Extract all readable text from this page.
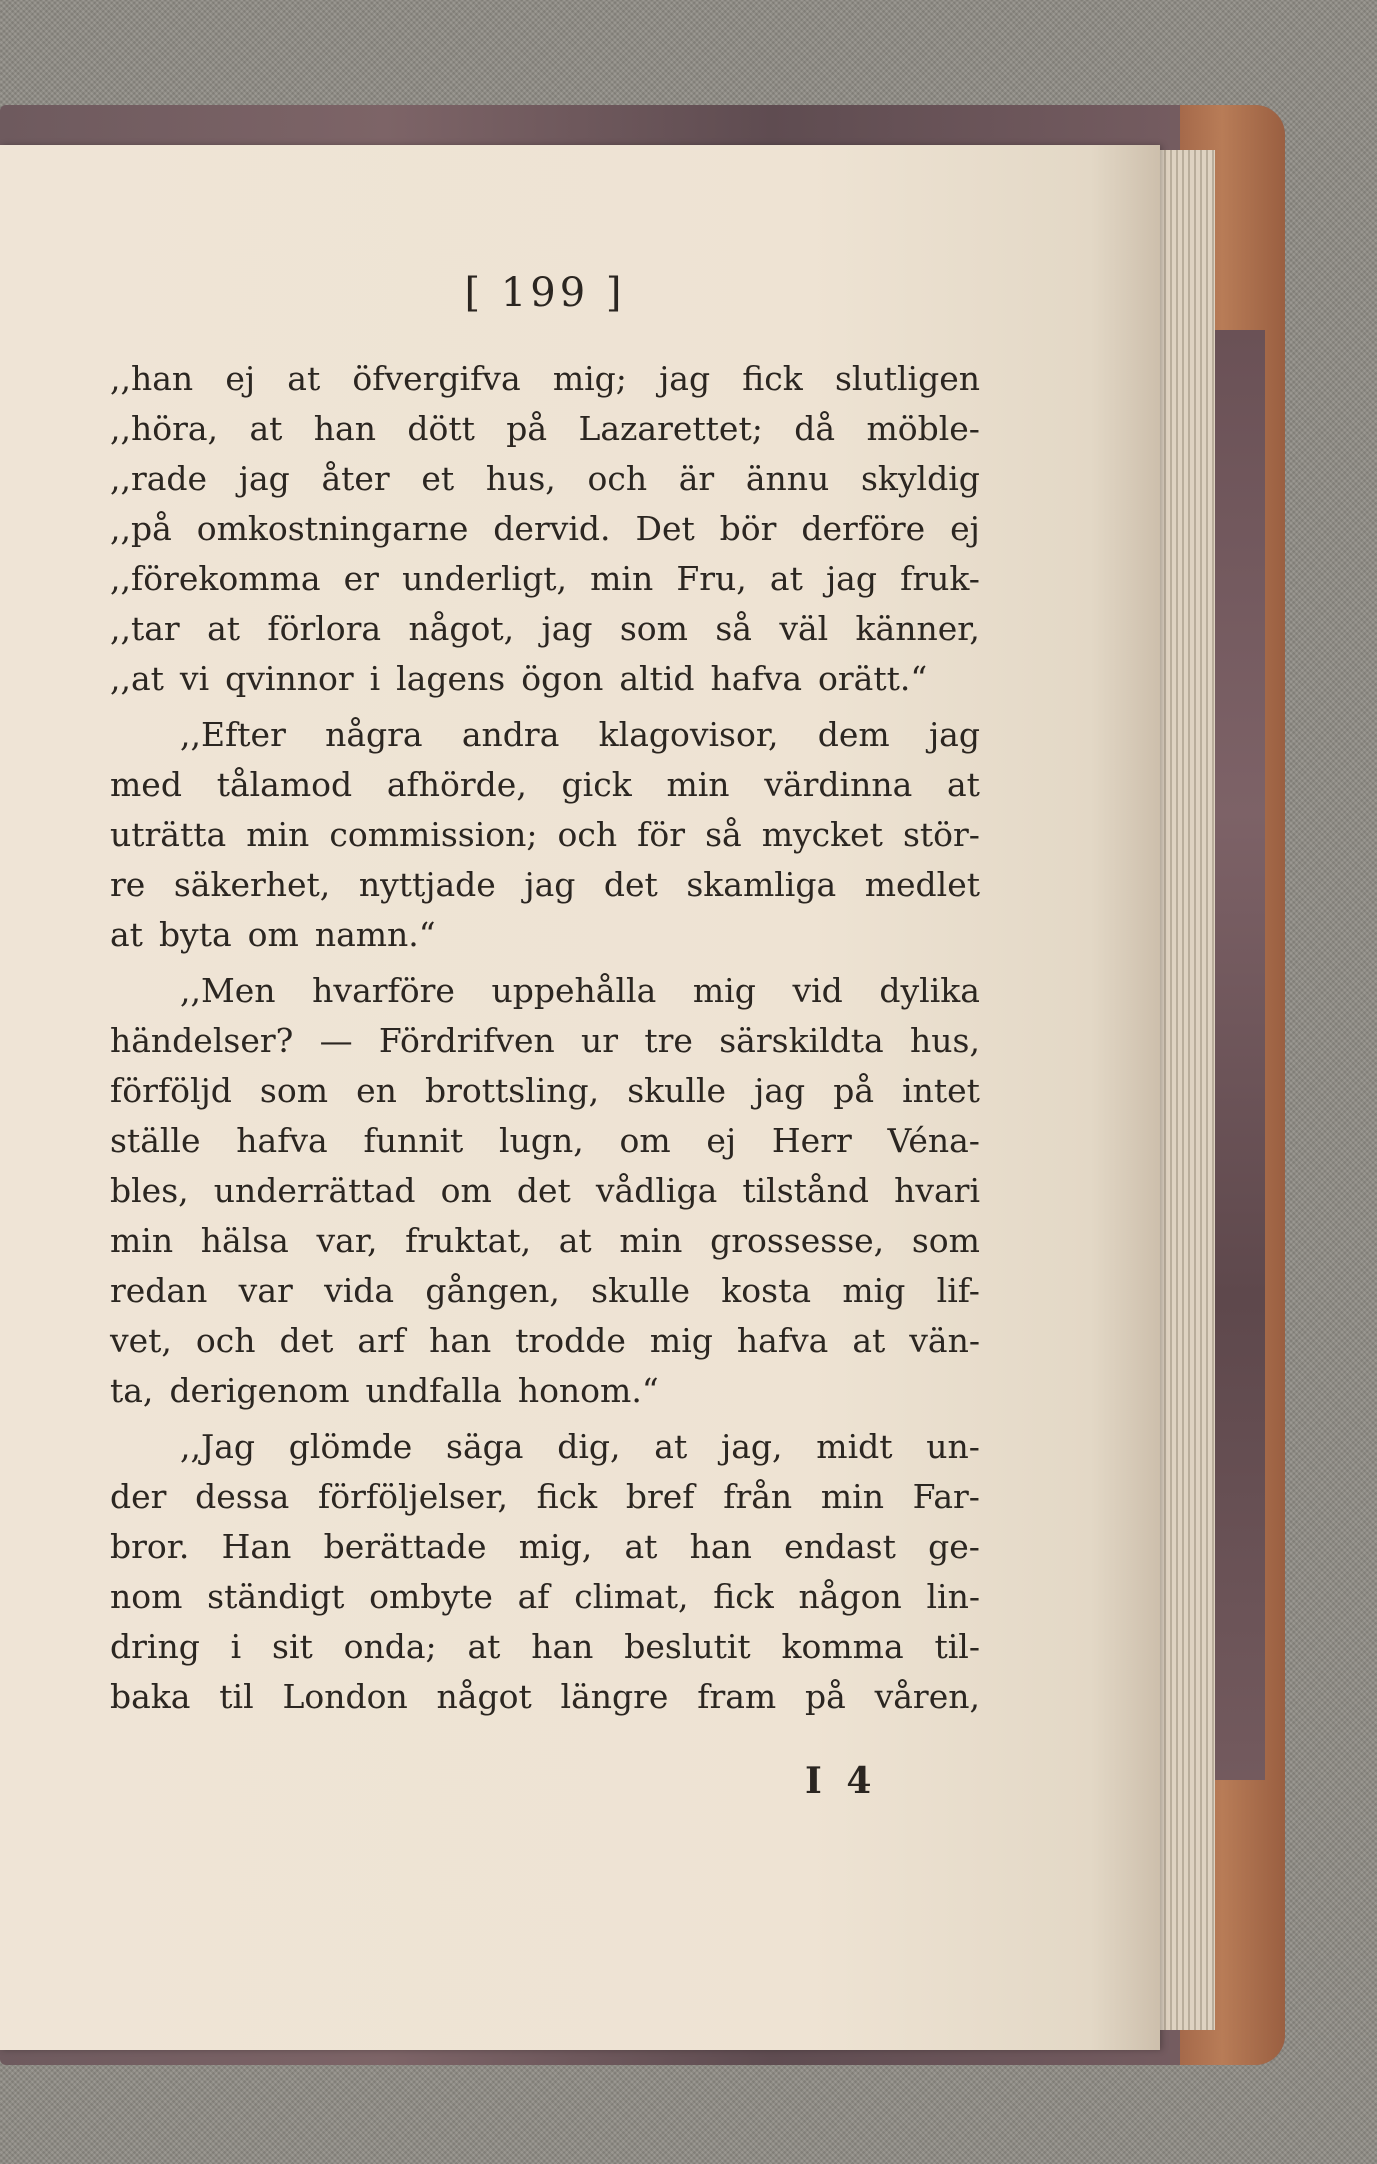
[ 199 ]
,,han ej at öfvergifva mig; jag fick slutligen
,,höra, at han dött på Lazarettet; då möble-
,,rade jag åter et hus, och är ännu skyldig
,,på omkostningarne dervid. Det bör derföre ej
,,förekomma er underligt, min Fru, at jag fruk-
,,tar at förlora något, jag som så väl känner,
,,at vi qvinnor i lagens ögon altid hafva orätt.“
,,Efter några andra klagovisor, dem jag
med tålamod afhörde, gick min värdinna at
uträtta min commission; och för så mycket stör-
re säkerhet, nyttjade jag det skamliga medlet
at byta om namn.“
,,Men hvarföre uppehålla mig vid dylika
händelser? — Fördrifven ur tre särskildta hus,
förföljd som en brottsling, skulle jag på intet
ställe hafva funnit lugn, om ej Herr Véna-
bles, underrättad om det vådliga tilstånd hvari
min hälsa var, fruktat, at min grossesse, som
redan var vida gången, skulle kosta mig lif-
vet, och det arf han trodde mig hafva at vän-
ta, derigenom undfalla honom.“
,,Jag glömde säga dig, at jag, midt un-
der dessa förföljelser, fick bref från min Far-
bror. Han berättade mig, at han endast ge-
nom ständigt ombyte af climat, fick någon lin-
dring i sit onda; at han beslutit komma til-
baka til London något längre fram på våren,
I 4
